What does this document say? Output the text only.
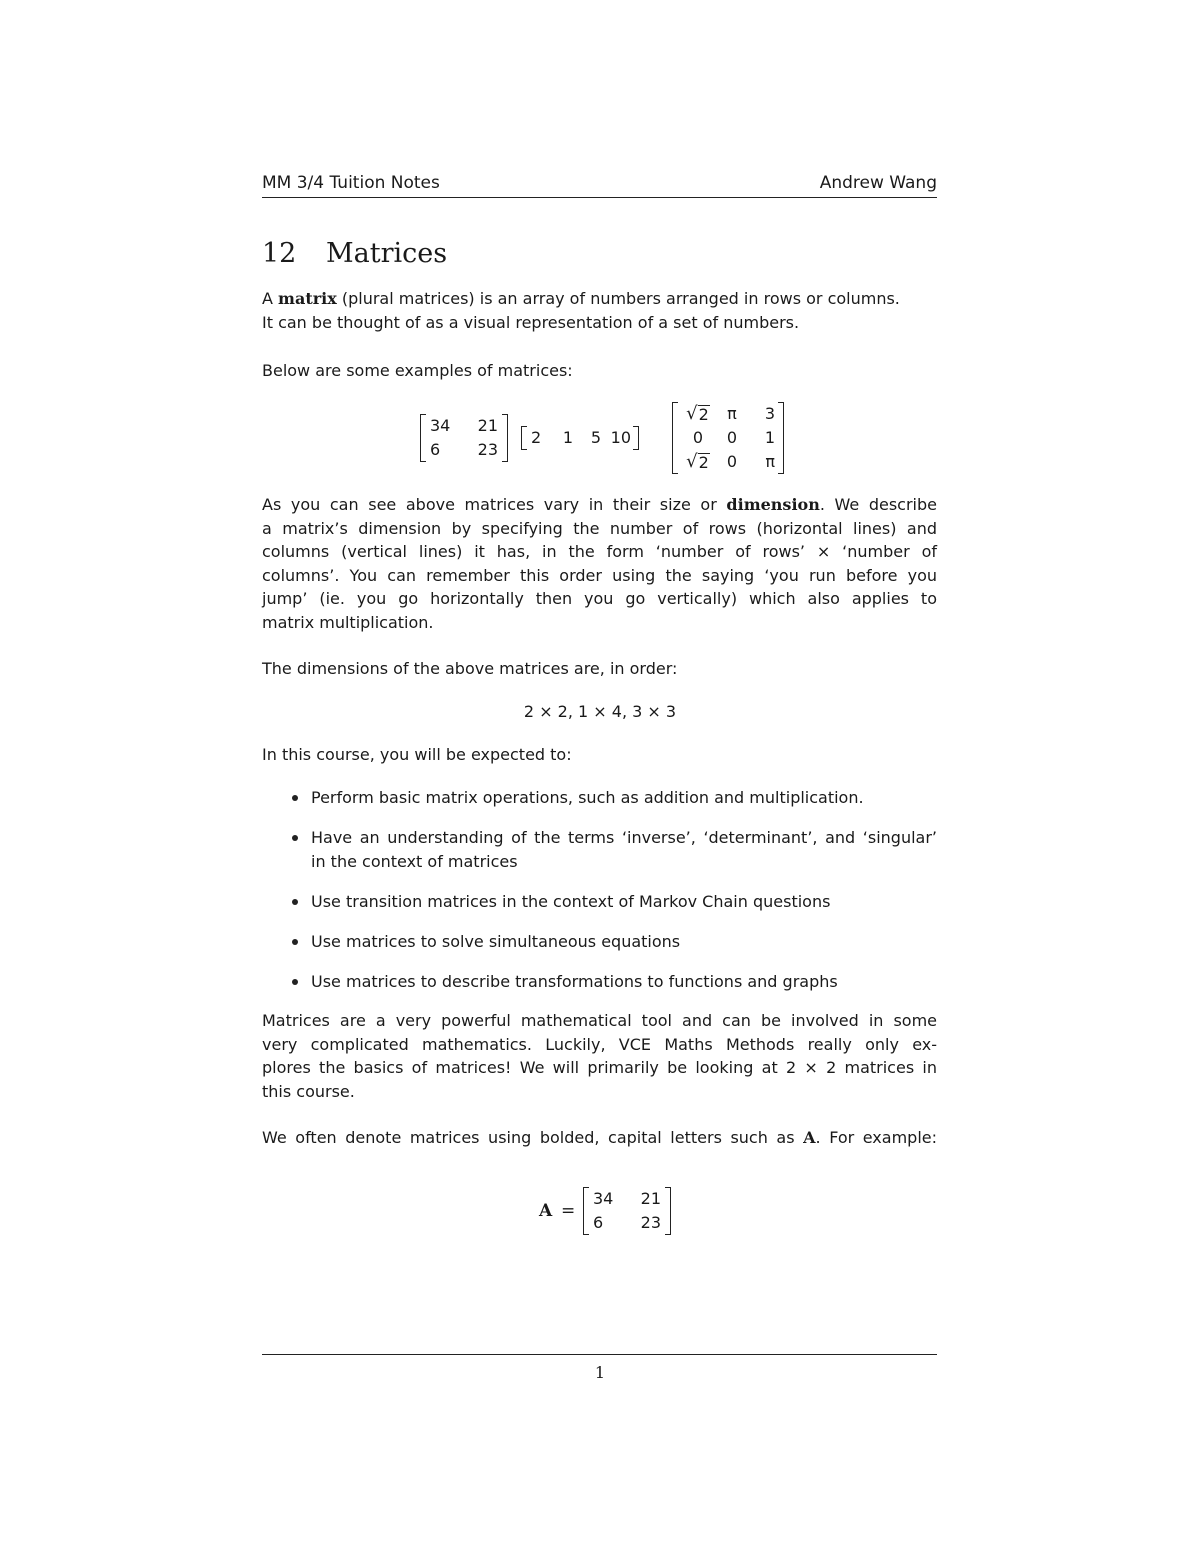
MM 3/4 Tuition Notes	Andrew Wang
12 Matrices
A matrix (plural matrices) is an array of numbers arranged in rows or columns.
It can be thought of as a visual representation of a set of numbers.
Below are some examples of matrices:
34	21
6	23
2	1	5 10
√ 2	π	3
0	0	1
√ 2	0	π
As you can see above matrices vary in their size or dimension. We describe
a matrix’s dimension by specifying the number of rows (horizontal lines) and
columns (vertical lines) it has, in the form ‘number of rows’ × ‘number of
columns’. You can remember this order using the saying ‘you run before you
jump’ (ie. you go horizontally then you go vertically) which also applies to
matrix multiplication.
The dimensions of the above matrices are, in order:
2 × 2, 1 × 4, 3 × 3
In this course, you will be expected to:
Perform basic matrix operations, such as addition and multiplication.
Have an understanding of the terms ‘inverse’, ‘determinant’, and ‘singular’
in the context of matrices
Use transition matrices in the context of Markov Chain questions
Use matrices to solve simultaneous equations
Use matrices to describe transformations to functions and graphs
Matrices are a very powerful mathematical tool and can be involved in some
very complicated mathematics. Luckily, VCE Maths Methods really only ex-
plores the basics of matrices! We will primarily be looking at 2 × 2 matrices in
this course.
We often denote matrices using bolded, capital letters such as A. For example:
A =
34	21
6	23
1
